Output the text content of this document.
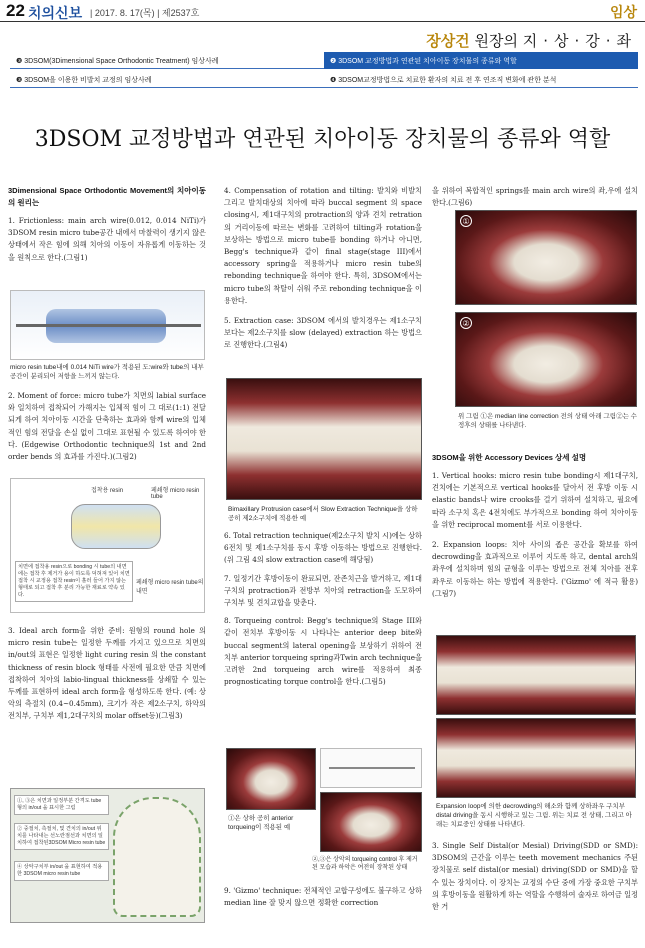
22 치의신보 | 2017. 8. 17(목) | 제2537호	임상
장상건 원장의 지·상·강·좌
❸ 3DSOM(3Dimensional Space Orthodontic Treatment) 임상사례	❷ 3DSOM 교정방법과 연관된 치아이동 장치물의 종류와 역할
❸ 3DSOM을 이용한 비발치 교정의 임상사례	❹ 3DSOM교정방법으로 치료한 환자의 치료 전 후 연조직 변화에 관한 분석
3DSOM 교정방법과 연관된 치아이동 장치물의 종류와 역할

3Dimensional Space Orthodontic Movement의 치아이동의 원리는

1. Frictionless: main arch wire(0.012, 0.014 NiTi)가 3DSOM resin micro tube공간 내에서 마찰력이 생기지 않은 상태에서 작은 힘에 의해 치아의 이동이 자유롭게 이동하는 것을 원칙으로 한다.(그림1)

micro resin tube내에 0.014 NiTi wire가 적용된 도:wire와 tube의 내부 공간이 분리되어 저항을 느끼지 않는다.
2. Moment of force: micro tube가 치면의 labial surface와 일치하여 접착되어 가해지는 입체적 힘이 그 대로(1:1) 전달되게 하여 치아이동 시간을 단축하는 효과와 함께 wire의 입체적인 힘의 전달을 손실 없이 그대로 표현될 수 있도록 하여야 한다. (Edgewise Orthodontic technique의 1st and 2nd order bends 의 효과를 가진다.)(그림2)
접착용 resin	페쇄형 micro resin tube
치면에 접착용 resin으로 bonding 시 tube의 내면에는 접착 후 제거가 용이 하도록 덕혀져 있어 치면접착 시 교정용 접착 resin이 흘러 들어 가지 않는 형태로 되고 접착 후 분리 가능한 재료로 약속 있다.
페쇄형 micro resin tube의 내면
3. Ideal arch form을 위한 준비: 원형의 round hole 의micro resin tube는 일정한 두께를 가지고 있으므로 치면의 in/out의 표현은 일정한 light curing resin 의 the constant thickness of resin block 형태를 사전에 필요한 만큼 치면에 접착하여 치아의 labio-lingual thickness를 상쇄할 수 있는 두께를 표현하여 ideal arch form을 형성하도록 한다. (예: 상악의 측절치 (0.4~0.45mm), 크기가 작은 제2소구치, 하악의 전치부, 구치부 제1,2대구치의 molar offset등)(그림3)
①, ③은 치면과 일정부분 간격도 tube형의 in/out 을 표시한 그림
② 중절치, 측절치, 및 견치의 in/out 위치를 나타내는 선노란점선과 치면의 일치하여 접착된3DSOM Micro resin tube
④ 상악구치부 in/out 을 표현하여 적용한 3DSOM micro resin tube

4. Compensation of rotation and tilting: 발치와 비발치 그리고 발치대상의 치아에 따라 buccal segment 의 space closing시, 제1대구치의 protraction의 양과 견치 retration의 거리이동에 따르는 변화를 고려하여 tilting과 rotation을 보상하는 방법으로 micro tube를 bonding 하거나 아니면, Begg's technique과 같이 final stage(stage III)에서 accessory spring을 적용하거나 micro resin tube의 rebonding technique을 하여야 한다. 특히, 3DSOM에서는 micro tube의 착탈이 쉬워 주로 rebonding technique을 이용한다.

5. Extraction case: 3DSOM 에서의 발치경우는 제1소구치 보다는 제2소구치를 slow (delayed) extraction 하는 방법으로 진행한다.(그림4)

Bimaxillary Protrusion case에서 Slow Extraction Technique을 상하 공히 제2소구치에 적용한 예

6. Total retraction technique(제2소구치 발치 시)에는 상하 6전치 및 제1소구치를 동시 후방 이동하는 방법으로 진행한다.(위 그림 4의 slow extraction case에 해당됨)

7. 일정기간 후방이동이 완료되면, 잔존치근을 발거하고, 제1대구치의 protraction과 전방부 치아의 retraction을 도모하여 구치부 및 견치교합을 맞춘다.

8. Torqueing control: Begg's technique의 Stage III와 같이 전치부 후방이동 시 나타나는 anterior deep bite와 buccal segment의 lateral opening을 보상하기 위하여 전치부 anterior torqueing spring과Twin arch technique을 고려한 2nd torqueing arch wire를 적용하여 최종 prognosticating torque control을 한다.(그림5)

①은 상하 공히 anterior torqueing이 적용된 예
②,③은 상악의 torqueing control 후 제거된 모습과 하악은 여전히 장착된 상태
9. 'Gizmo' technique: 전체적인 교합구성에도 불구하고 상하 median line 잘 맞지 않으면 정확한 correction

을 위하여 복합적인 springs를 main arch wire의 좌,우에 설치한다.(그림6)

①
②
위 그림 ①은 median line correction 전의 상태 아래 그림②는 수정후의 상태를 나타낸다.

3DSOM을 위한 Accessory Devices 상세 설명

1. Vertical hooks: micro resin tube bonding시 제1대구치, 견치에는 기본적으로 vertical hooks를 달아서 전 후방 이동 시 elastic bands나 wire crooks를 걸기 위하여 설치하고, 필요에 따라 소구치 혹은 4전치에도 부가적으로 bonding 하여 치아이동을 위한 reciprocal moment를 서로 이용한다.

2. Expansion loops: 치아 사이의 좁은 공간을 확보를 하여 decrowding을 효과적으로 이루어 지도록 하고, dental arch의 좌우에 설치하며 힘의 균형을 이루는 방법으로 전체 치아를 전후 좌우로 이동하는 하는 방법에 적용한다. ('Gizmo' 에 적극 활용)(그림7)

Expansion loop에 의한 decrowding의 해소와 함께 상하좌우 구치부 distal driving을 동시 시행하고 있는 그림. 위는 치료 전 상태, 그리고 아래는 치료중인 상태를 나타낸다.
3. Single Self Distal(or Mesial) Driving(SDD or SMD): 3DSOM의 근간을 이루는 teeth movement mechanics 주된 장치물로 self distal(or mesial) driving(SDD or SMD)을 할 수 있는 장치이다. 이 장치는 교정의 수단 중에 가장 중요한 구치부의 후방이동을 원활하게 하는 역할을 수행하여 술자로 하여금 일정한 거
